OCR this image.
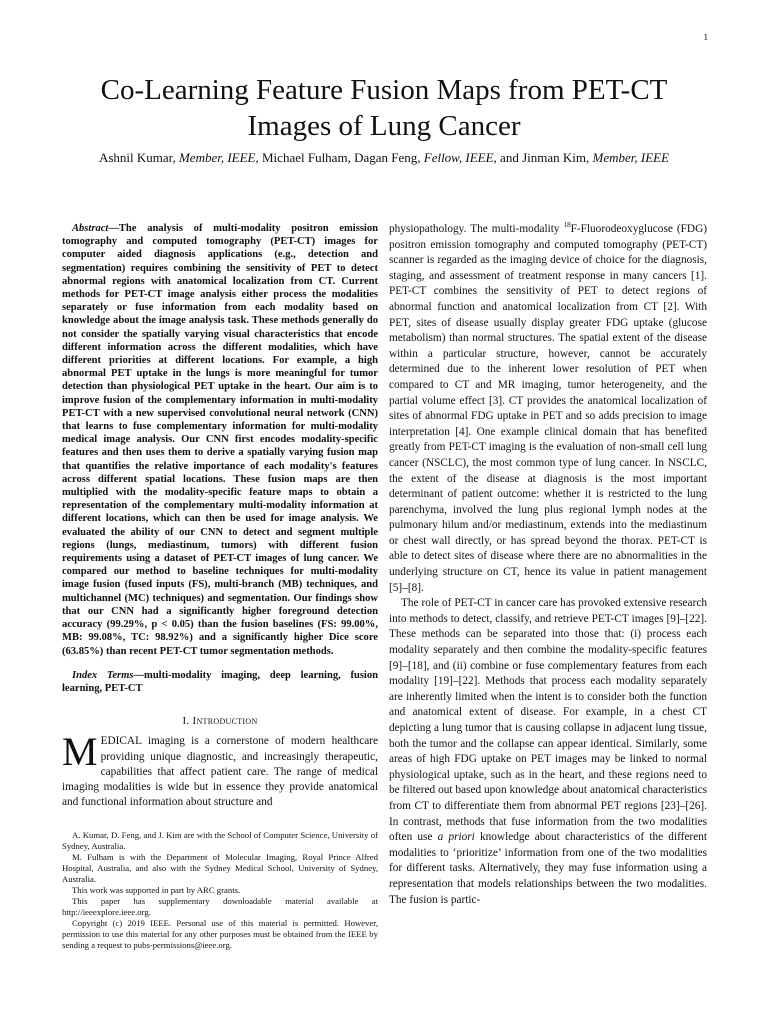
1
Co-Learning Feature Fusion Maps from PET-CT
Images of Lung Cancer
Ashnil Kumar, Member, IEEE, Michael Fulham, Dagan Feng, Fellow, IEEE, and Jinman Kim, Member, IEEE

Abstract—The analysis of multi-modality positron emission tomography and computed tomography (PET-CT) images for computer aided diagnosis applications (e.g., detection and segmentation) requires combining the sensitivity of PET to detect abnormal regions with anatomical localization from CT. Current methods for PET-CT image analysis either process the modalities separately or fuse information from each modality based on knowledge about the image analysis task. These methods generally do not consider the spatially varying visual characteristics that encode different information across the different modalities, which have different priorities at different locations. For example, a high abnormal PET uptake in the lungs is more meaningful for tumor detection than physiological PET uptake in the heart. Our aim is to improve fusion of the complementary information in multi-modality PET-CT with a new supervised convolutional neural network (CNN) that learns to fuse complementary information for multi-modality medical image analysis. Our CNN first encodes modality-specific features and then uses them to derive a spatially varying fusion map that quantifies the relative importance of each modality's features across different spatial locations. These fusion maps are then multiplied with the modality-specific feature maps to obtain a representation of the complementary multi-modality information at different locations, which can then be used for image analysis. We evaluated the ability of our CNN to detect and segment multiple regions (lungs, mediastinum, tumors) with different fusion requirements using a dataset of PET-CT images of lung cancer. We compared our method to baseline techniques for multi-modality image fusion (fused inputs (FS), multi-branch (MB) techniques, and multichannel (MC) techniques) and segmentation. Our findings show that our CNN had a significantly higher foreground detection accuracy (99.29%, p < 0.05) than the fusion baselines (FS: 99.00%, MB: 99.08%, TC: 98.92%) and a significantly higher Dice score (63.85%) than recent PET-CT tumor segmentation methods.

Index Terms—multi-modality imaging, deep learning, fusion learning, PET-CT

I. Introduction

MEDICAL imaging is a cornerstone of modern healthcare providing unique diagnostic, and increasingly therapeutic, capabilities that affect patient care. The range of medical imaging modalities is wide but in essence they provide anatomical and functional information about structure and

A. Kumar, D. Feng, and J. Kim are with the School of Computer Science, University of Sydney, Australia.

M. Fulham is with the Department of Molecular Imaging, Royal Prince Alfred Hospital, Australia, and also with the Sydney Medical School, University of Sydney, Australia.

This work was supported in part by ARC grants.

This paper has supplementary downloadable material available at http://ieeexplore.ieee.org.

Copyright (c) 2019 IEEE. Personal use of this material is permitted. However, permission to use this material for any other purposes must be obtained from the IEEE by sending a request to pubs-permissions@ieee.org.

physiopathology. The multi-modality $^{18}$F-Fluorodeoxyglucose (FDG) positron emission tomography and computed tomography (PET-CT) scanner is regarded as the imaging device of choice for the diagnosis, staging, and assessment of treatment response in many cancers [1]. PET-CT combines the sensitivity of PET to detect regions of abnormal function and anatomical localization from CT [2]. With PET, sites of disease usually display greater FDG uptake (glucose metabolism) than normal structures. The spatial extent of the disease within a particular structure, however, cannot be accurately determined due to the inherent lower resolution of PET when compared to CT and MR imaging, tumor heterogeneity, and the partial volume effect [3]. CT provides the anatomical localization of sites of abnormal FDG uptake in PET and so adds precision to image interpretation [4]. One example clinical domain that has benefited greatly from PET-CT imaging is the evaluation of non-small cell lung cancer (NSCLC), the most common type of lung cancer. In NSCLC, the extent of the disease at diagnosis is the most important determinant of patient outcome: whether it is restricted to the lung parenchyma, involved the lung plus regional lymph nodes at the pulmonary hilum and/or mediastinum, extends into the mediastinum or chest wall directly, or has spread beyond the thorax. PET-CT is able to detect sites of disease where there are no abnormalities in the underlying structure on CT, hence its value in patient management [5]–[8].

The role of PET-CT in cancer care has provoked extensive research into methods to detect, classify, and retrieve PET-CT images [9]–[22]. These methods can be separated into those that: (i) process each modality separately and then combine the modality-specific features [9]–[18], and (ii) combine or fuse complementary features from each modality [19]–[22]. Methods that process each modality separately are inherently limited when the intent is to consider both the function and anatomical extent of disease. For example, in a chest CT depicting a lung tumor that is causing collapse in adjacent lung tissue, both the tumor and the collapse can appear identical. Similarly, some areas of high FDG uptake on PET images may be linked to normal physiological uptake, such as in the heart, and these regions need to be filtered out based upon knowledge about anatomical characteristics from CT to differentiate them from abnormal PET regions [23]–[26]. In contrast, methods that fuse information from the two modalities often use a priori knowledge about characteristics of the different modalities to ‘prioritize’ information from one of the two modalities for different tasks. Alternatively, they may fuse information using a representation that models relationships between the two modalities. The fusion is partic-
